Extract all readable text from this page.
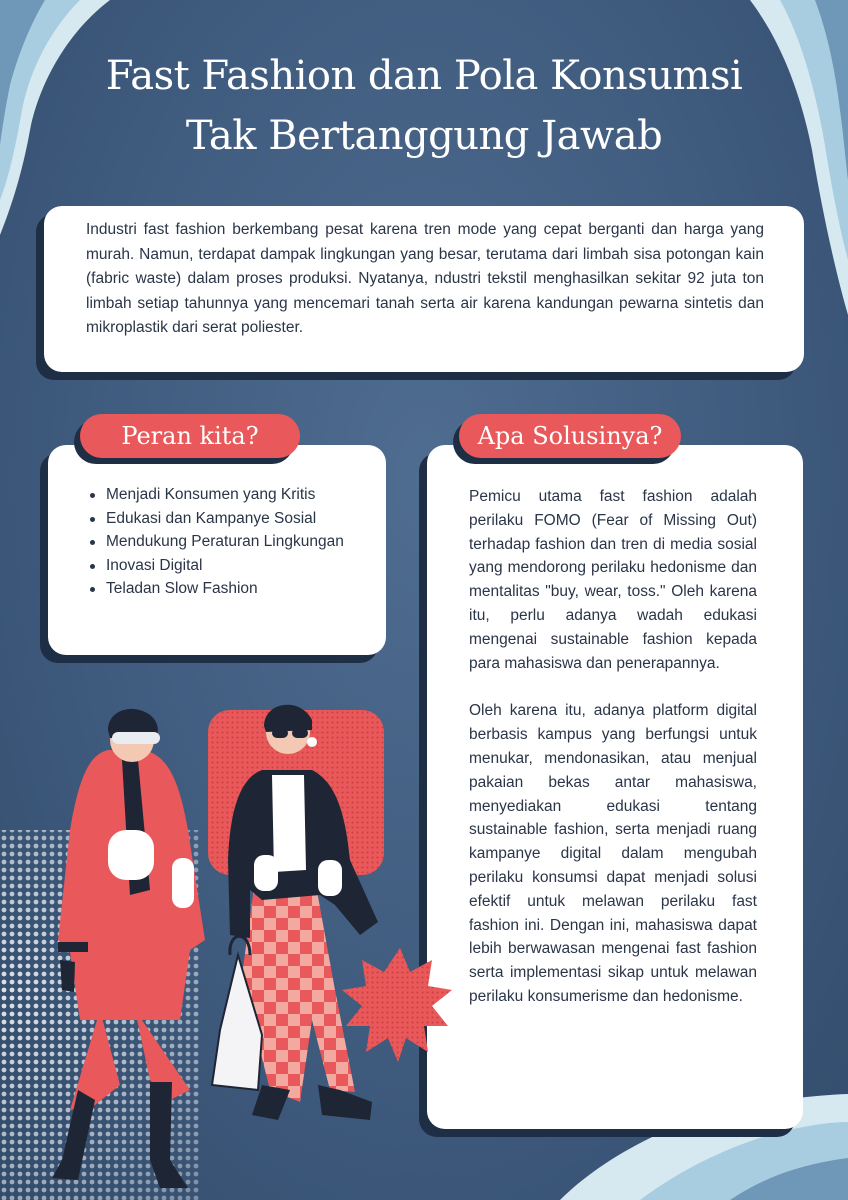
Fast Fashion dan Pola Konsumsi
Tak Bertanggung Jawab

Industri fast fashion berkembang pesat karena tren mode yang cepat berganti dan harga yang murah. Namun, terdapat dampak lingkungan yang besar, terutama dari limbah sisa potongan kain (fabric waste) dalam proses produksi. Nyatanya, ndustri tekstil menghasilkan sekitar 92 juta ton limbah setiap tahunnya yang mencemari tanah serta air karena kandungan pewarna sintetis dan mikroplastik dari serat poliester.

Menjadi Konsumen yang Kritis
Edukasi dan Kampanye Sosial
Mendukung Peraturan Lingkungan
Inovasi Digital
Teladan Slow Fashion
Peran kita?

Pemicu utama fast fashion adalah perilaku FOMO (Fear of Missing Out) terhadap fashion dan tren di media sosial yang mendorong perilaku hedonisme dan mentalitas "buy, wear, toss." Oleh karena itu, perlu adanya wadah edukasi mengenai sustainable fashion kepada para mahasiswa dan penerapannya.

Oleh karena itu, adanya platform digital berbasis kampus yang berfungsi untuk menukar, mendonasikan, atau menjual pakaian bekas antar mahasiswa, menyediakan edukasi tentang sustainable fashion, serta menjadi ruang kampanye digital dalam mengubah perilaku konsumsi dapat menjadi solusi efektif untuk melawan perilaku fast fashion ini. Dengan ini, mahasiswa dapat lebih berwawasan mengenai fast fashion serta implementasi sikap untuk melawan perilaku konsumerisme dan hedonisme.

Apa Solusinya?
